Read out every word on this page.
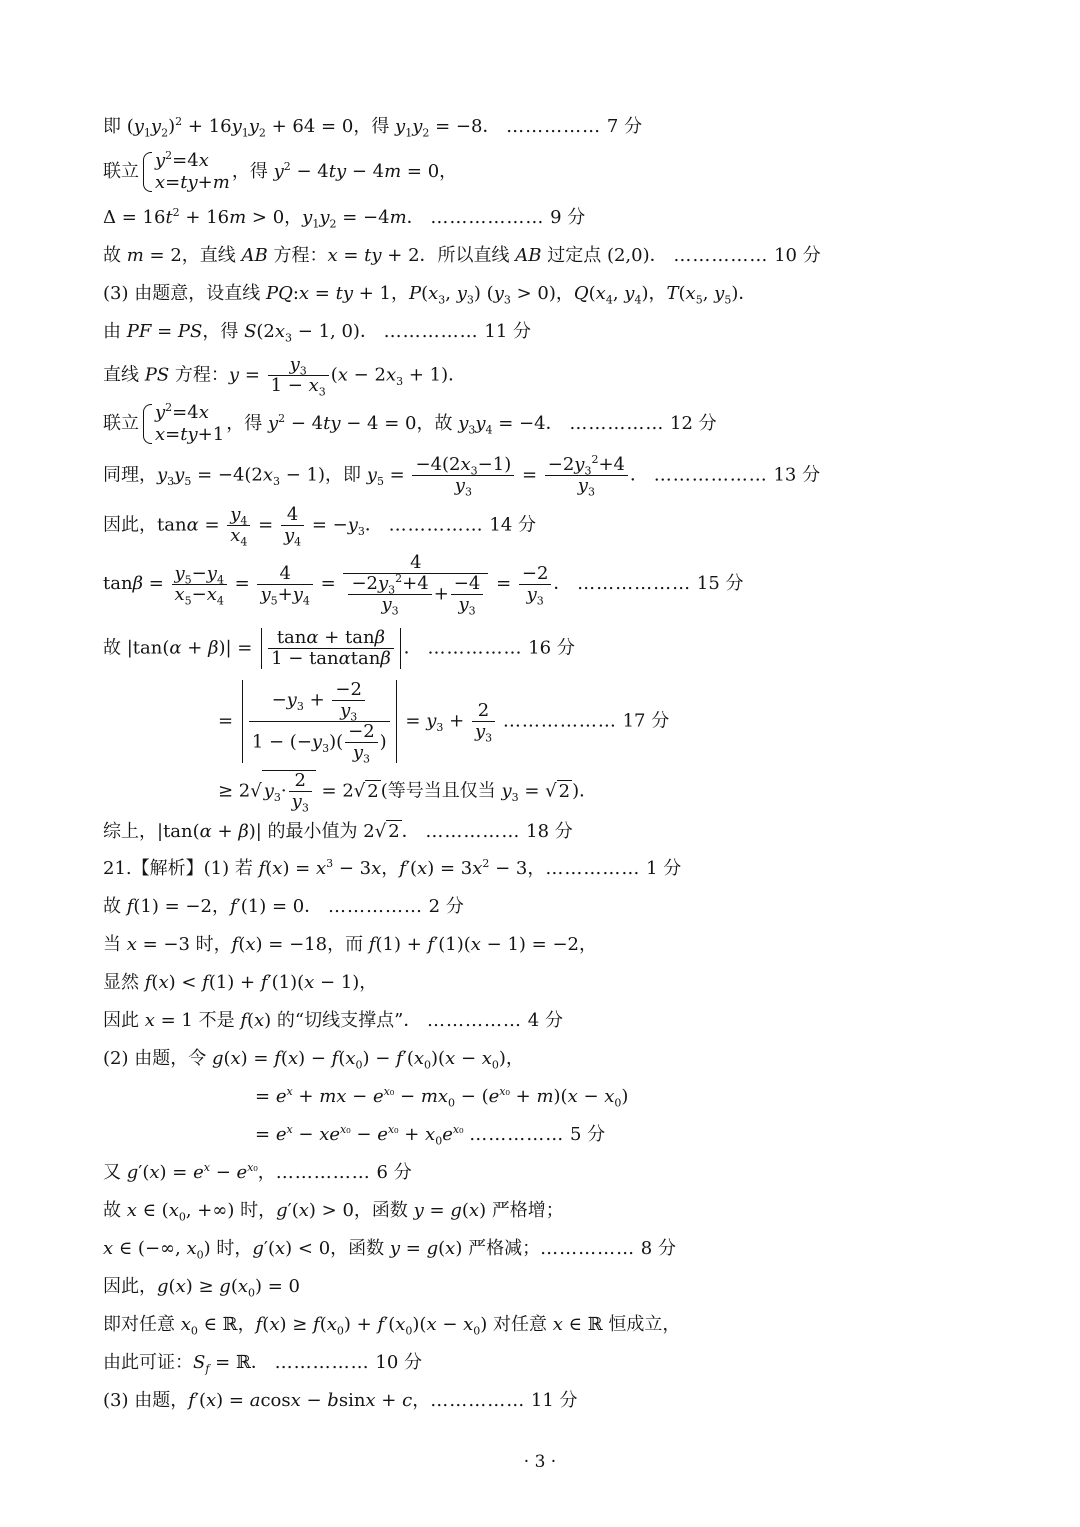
即 $(y_1y_2)^2 + 16y_1y_2 + 64 = 0$，得 $y_1y_2 = -8$． …………… 7 分
联立
$y^2=4x$
x=ty+m
，得 $y^2 - 4ty - 4m = 0$，
$\Delta = 16t^2 + 16m > 0$，$y_1y_2 = -4m$． ……………… 9 分
故 m = 2，直线 AB 方程：x = ty + 2．所以直线 AB 过定点 (2,0)． …………… 10 分
(3) 由题意，设直线 PQ:x = ty + 1，$P(x_3$, $y_3$) $(y_3 > 0)$，$Q(x_4$, $y_4$)，$T(x_5$, $y_5$)．
由 PF = PS，得 $S(2x_3 - 1$, 0)． …………… 11 分
直线 PS 方程：$y = \frac{y_3}{1 - x_3} (x - 2x_3 + 1)$．
联立
$y^2=4x$
x=ty+1
，得 $y^2 - 4ty - 4 = 0$，故 $y_3y_4 = -4$． …………… 12 分
同理，$y_3y_5 = -4(2x_3 - 1)$，即 $y_5 = \frac{-4(2x_3-1)}{y_3} = \frac{-2y_3^2+4}{y_3}$ ． ……………… 13 分
因此，$\tan\alpha = \frac{y_4}{x_4} = \frac{4}{y_4} = -y_3$． …………… 14 分
$\tan\beta = \frac{y_5-y_4}{x_5-x_4} = \frac{4}{y_5+y_4} = \frac{4}{\frac{-2y_3^2+4}{y_3} + \frac{-4}{y_3}} = \frac{-2}{y_3}$ ． ……………… 15 分
故 $|\tan(\alpha + \beta)| = \frac{\tan\alpha + \tan\beta}{1 - \tan\alpha\tan\beta}$ ． …………… 16 分
= $\frac{-y_3 + \frac{-2}{y_3}}{1 - (-y_3)( \frac{-2}{y_3} )} = y_3 + \frac{2}{y_3}$ ……………… 17 分
≥ 2√ $y_3\cdot \frac{2}{y_3} = 2√$ 2 (等号当且仅当 $y_3$ = √ 2 )．
综上，|tan(α + β)| 的最小值为 2√ 2 ． …………… 18 分
21.【解析】(1) 若 $f(x) = x^3 - 3x$，$f'(x) = 3x^2 - 3$，…………… 1 分
故 f(1) = −2，f′(1) = 0． …………… 2 分
当 x = −3 时，f(x) = −18，而 f(1) + f′(1)(x − 1) = −2，
显然 f(x) < f(1) + f′(1)(x − 1)，
因此 x = 1 不是 f(x) 的“切线支撑点”． …………… 4 分
(2) 由题，令 $g(x) = f(x) - f(x_0) - f'(x_0)(x - x_0)$，
= $e^x$ + mx − $e^{x_0} - mx_0 - (e^{x_0} + m)(x - x_0)$
= $e^x - xe^{x_0} - e^{x_0} + x_0e^{x_0}$ …………… 5 分
又 $g'(x) = e^x - e^{x_0}$，…………… 6 分
故 x ∈ ($x_0$, +∞) 时，g′(x) > 0，函数 y = g(x) 严格增；
x ∈ (−∞, $x_0$) 时，g′(x) < 0，函数 y = g(x) 严格减；…………… 8 分
因此，$g(x) \ge g(x_0) = 0$
即对任意 $x_0$ ∈ ℝ，$f(x) \ge f(x_0) + f'(x_0)(x - x_0)$ 对任意 x ∈ ℝ 恒成立，
由此可证：$S_f$ = ℝ． …………… 10 分
(3) 由题，f′(x) = acosx − bsinx + c，…………… 11 分
· 3 ·
